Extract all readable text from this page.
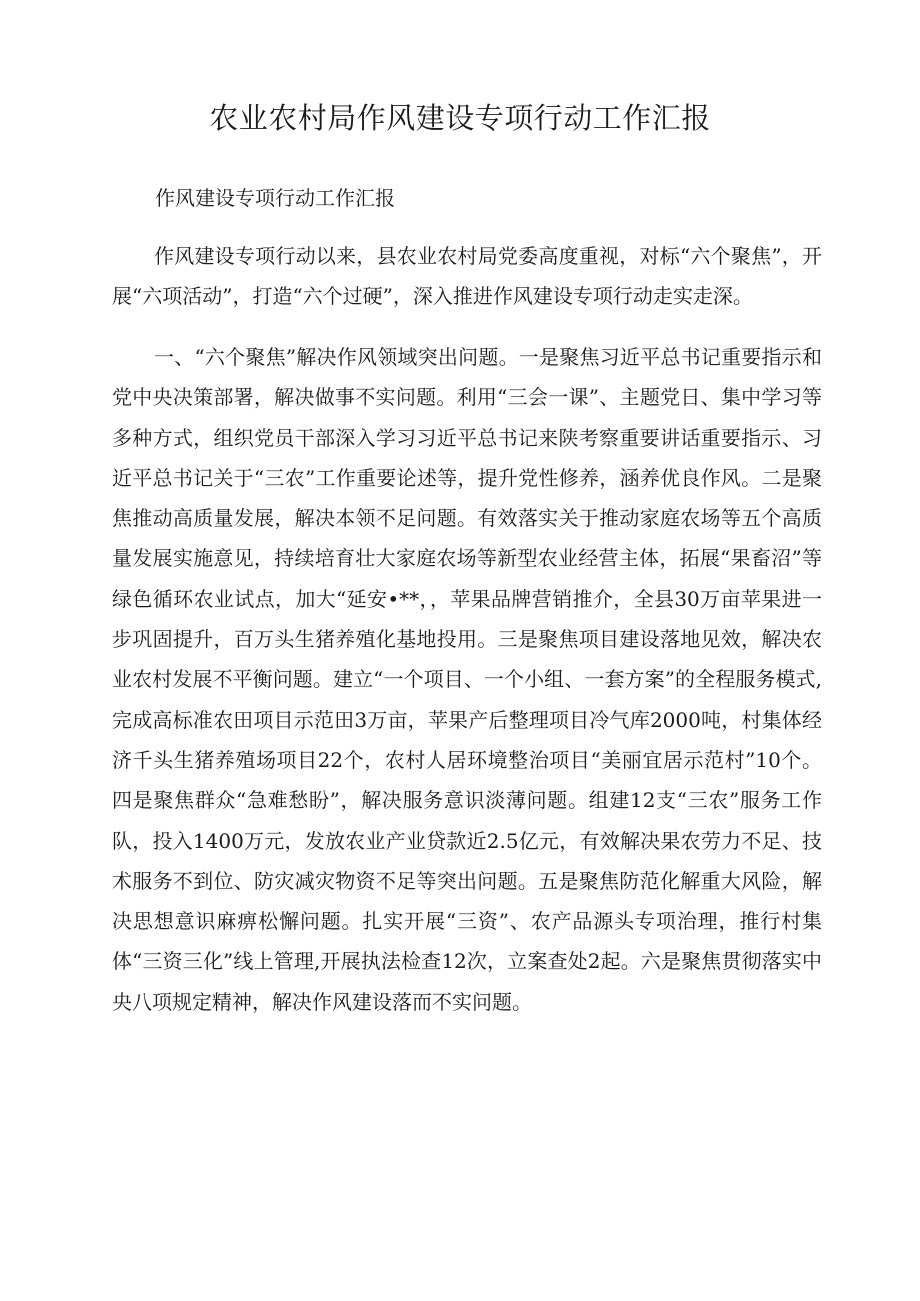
农业农村局作风建设专项行动工作汇报

作风建设专项行动工作汇报

作风建设专项行动以来，县农业农村局党委高度重视，对标“六个聚焦”，开展“六项活动”，打造“六个过硬”，深入推进作风建设专项行动走实走深。

一、“六个聚焦”解决作风领域突出问题。一是聚焦习近平总书记重要指示和党中央决策部署，解决做事不实问题。利用“三会一课”、主题党日、集中学习等多种方式，组织党员干部深入学习习近平总书记来陕考察重要讲话重要指示、习近平总书记关于“三农”工作重要论述等，提升党性修养，涵养优良作风。二是聚焦推动高质量发展，解决本领不足问题。有效落实关于推动家庭农场等五个高质量发展实施意见，持续培育壮大家庭农场等新型农业经营主体，拓展“果畜沼”等绿色循环农业试点，加大“延安•**，，苹果品牌营销推介，全县30万亩苹果进一步巩固提升，百万头生猪养殖化基地投用。三是聚焦项目建设落地见效，解决农业农村发展不平衡问题。建立“一个项目、一个小组、一套方案”的全程服务模式,完成高标准农田项目示范田3万亩，苹果产后整理项目冷气库2000吨，村集体经济千头生猪养殖场项目22个，农村人居环境整治项目“美丽宜居示范村”10个。四是聚焦群众“急难愁盼”，解决服务意识淡薄问题。组建12支“三农”服务工作队，投入1400万元，发放农业产业贷款近2.5亿元，有效解决果农劳力不足、技术服务不到位、防灾减灾物资不足等突出问题。五是聚焦防范化解重大风险，解决思想意识麻痹松懈问题。扎实开展“三资”、农产品源头专项治理，推行村集体“三资三化”线上管理,开展执法检查12次，立案查处2起。六是聚焦贯彻落实中央八项规定精神，解决作风建设落而不实问题。
